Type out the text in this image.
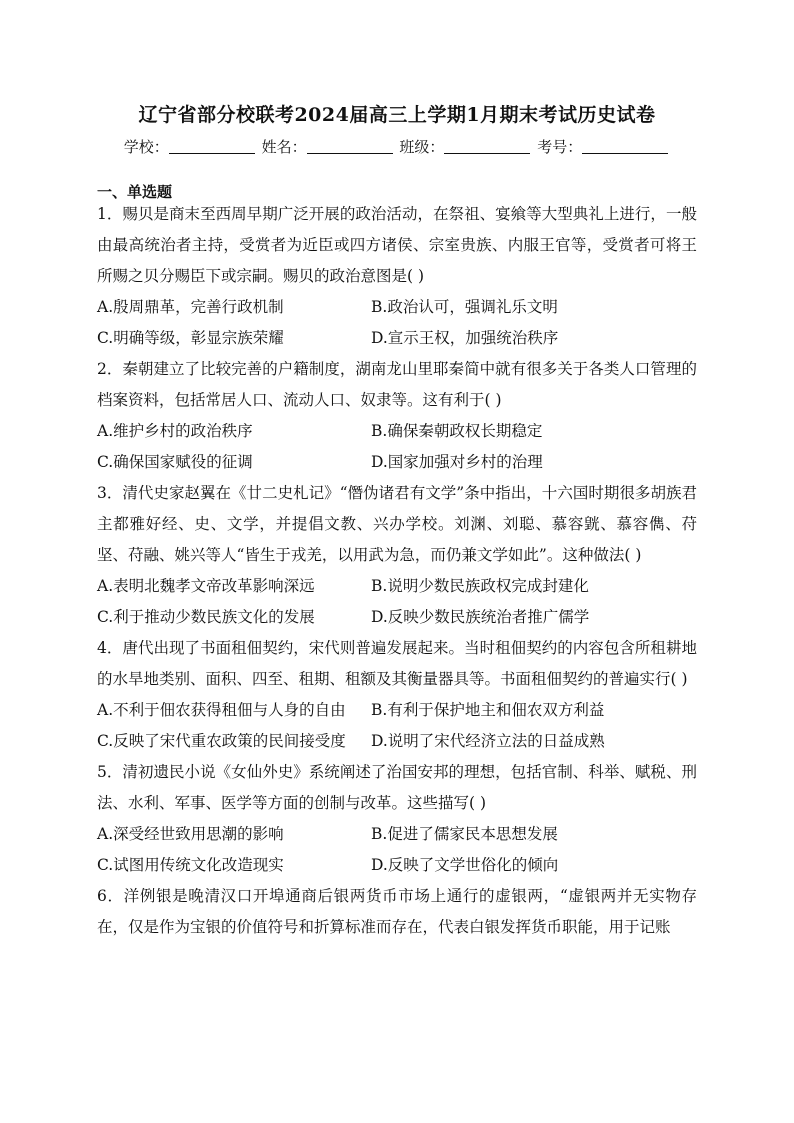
辽宁省部分校联考2024届高三上学期1月期末考试历史试卷
学校：	姓名：	班级：	考号：
一、单选题

1．赐贝是商末至西周早期广泛开展的政治活动，在祭祖、宴飨等大型典礼上进行，一般由最高统治者主持，受赏者为近臣或四方诸侯、宗室贵族、内服王官等，受赏者可将王所赐之贝分赐臣下或宗嗣。赐贝的政治意图是( )

A.殷周鼎革，完善行政机制	B.政治认可，强调礼乐文明
C.明确等级，彰显宗族荣耀	D.宣示王权，加强统治秩序

2．秦朝建立了比较完善的户籍制度，湖南龙山里耶秦简中就有很多关于各类人口管理的档案资料，包括常居人口、流动人口、奴隶等。这有利于( )

A.维护乡村的政治秩序	B.确保秦朝政权长期稳定
C.确保国家赋役的征调	D.国家加强对乡村的治理

3．清代史家赵翼在《廿二史札记》“僭伪诸君有文学”条中指出，十六国时期很多胡族君主都雅好经、史、文学，并提倡文教、兴办学校。刘渊、刘聪、慕容皝、慕容儁、苻坚、苻融、姚兴等人“皆生于戎羌，以用武为急，而仍兼文学如此”。这种做法( )

A.表明北魏孝文帝改革影响深远	B.说明少数民族政权完成封建化
C.利于推动少数民族文化的发展	D.反映少数民族统治者推广儒学

4．唐代出现了书面租佃契约，宋代则普遍发展起来。当时租佃契约的内容包含所租耕地的水旱地类别、面积、四至、租期、租额及其衡量器具等。书面租佃契约的普遍实行( )

A.不利于佃农获得租佃与人身的自由	B.有利于保护地主和佃农双方利益
C.反映了宋代重农政策的民间接受度	D.说明了宋代经济立法的日益成熟

5．清初遗民小说《女仙外史》系统阐述了治国安邦的理想，包括官制、科举、赋税、刑法、水利、军事、医学等方面的创制与改革。这些描写( )

A.深受经世致用思潮的影响	B.促进了儒家民本思想发展
C.试图用传统文化改造现实	D.反映了文学世俗化的倾向

6．洋例银是晚清汉口开埠通商后银两货币市场上通行的虚银两，“虚银两并无实物存在，仅是作为宝银的价值符号和折算标准而存在，代表白银发挥货币职能，用于记账
